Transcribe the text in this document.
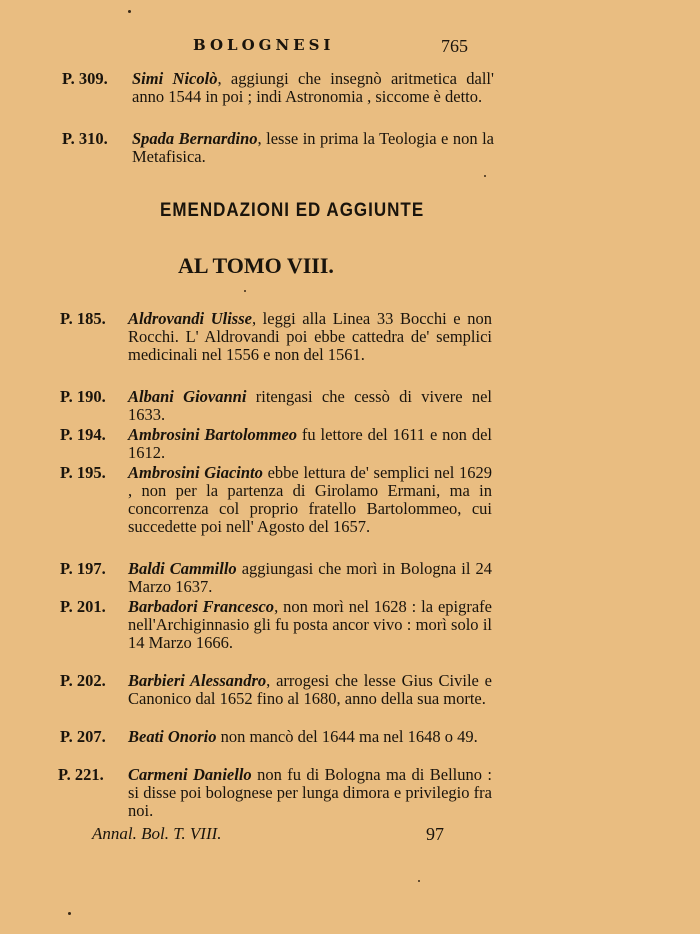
BOLOGNESI	765
P. 309. Simi Nicolò, aggiungi che insegnò aritmetica dall' anno 1544 in poi ; indi Astronomia , siccome è detto.
P. 310. Spada Bernardino, lesse in prima la Teologia e non la Metafisica.
EMENDAZIONI ED AGGIUNTE
AL TOMO VIII.
P. 185. Aldrovandi Ulisse, leggi alla Linea 33 Bocchi e non Rocchi. L' Aldrovandi poi ebbe cattedra de' semplici medicinali nel 1556 e non del 1561.
P. 190. Albani Giovanni ritengasi che cessò di vivere nel 1633.
P. 194. Ambrosini Bartolommeo fu lettore del 1611 e non del 1612.
P. 195. Ambrosini Giacinto ebbe lettura de' semplici nel 1629 , non per la partenza di Girolamo Ermani, ma in concorrenza col proprio fratello Bartolommeo, cui succedette poi nell' Agosto del 1657.
P. 197. Baldi Cammillo aggiungasi che morì in Bologna il 24 Marzo 1637.
P. 201. Barbadori Francesco, non morì nel 1628 : la epigrafe nell'Archiginnasio gli fu posta ancor vivo : morì solo il 14 Marzo 1666.
P. 202. Barbieri Alessandro, arrogesi che lesse Gius Civile e Canonico dal 1652 fino al 1680, anno della sua morte.
P. 207. Beati Onorio non mancò del 1644 ma nel 1648 o 49.
P. 221. Carmeni Daniello non fu di Bologna ma di Belluno : si disse poi bolognese per lunga dimora e privilegio fra noi.
Annal. Bol. T. VIII.	97
